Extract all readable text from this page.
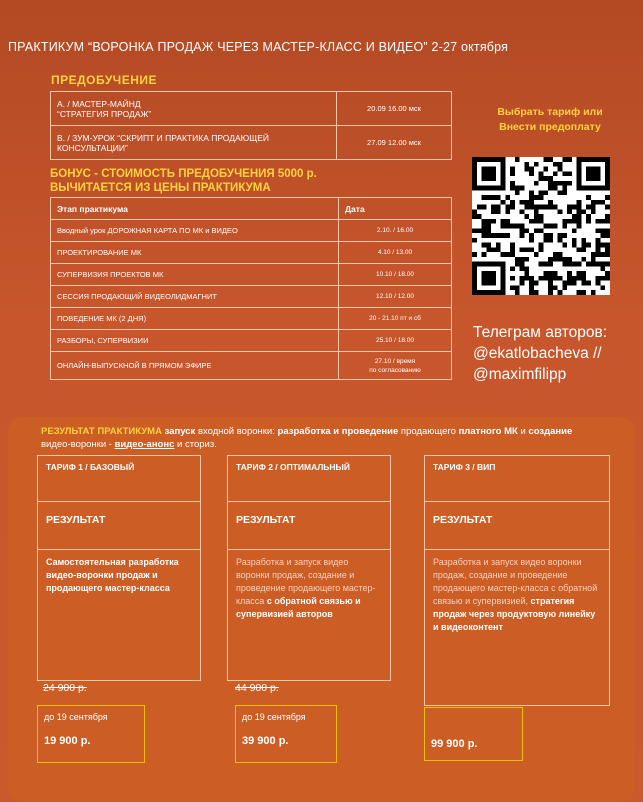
ПРАКТИКУМ “ВОРОНКА ПРОДАЖ ЧЕРЕЗ МАСТЕР-КЛАСС И ВИДЕО” 2-27 октября
ПРЕДОБУЧЕНИЕ
А. / МАСТЕР-МАЙНД
“СТРАТЕГИЯ ПРОДАЖ”	20.09 16.00 мск
В. / ЗУМ-УРОК “СКРИПТ И ПРАКТИКА ПРОДАЮЩЕЙ КОНСУЛЬТАЦИИ”	27.09 12.00 мск
БОНУС - СТОИМОСТЬ ПРЕДОБУЧЕНИЯ 5000 р.
ВЫЧИТАЕТСЯ ИЗ ЦЕНЫ ПРАКТИКУМА
Этап практикума	Дата
Вводный урок ДОРОЖНАЯ КАРТА ПО МК и ВИДЕО	2.10. / 16.00
ПРОЕКТИРОВАНИЕ МК	4.10 / 13.00
СУПЕРВИЗИЯ ПРОЕКТОВ МК	10.10 / 18.00
СЕССИЯ ПРОДАЮЩИЙ ВИДЕОЛИДМАГНИТ	12.10 / 12.00
ПОВЕДЕНИЕ МК (2 ДНЯ)	20 - 21.10 пт и сб
РАЗБОРЫ, СУПЕРВИЗИИ	25.10 / 18.00
ОНЛАЙН-ВЫПУСКНОЙ В ПРЯМОМ ЭФИРЕ	27.10 / время
по согласованию
Выбрать тариф или
Внести предоплату
Телеграм авторов:
@ekatlobacheva //
@maximfilipp
РЕЗУЛЬТАТ ПРАКТИКУМА запуск входной воронки: разработка и проведение продающего платного МК и создание видео-воронки - видео-анонс и сториз.
ТАРИФ 1 / БАЗОВЫЙ
РЕЗУЛЬТАТ
Самостоятельная разработка видео-воронки продаж и продающего мастер-класса
24 900 р.
до 19 сентября
19 900 р.
ТАРИФ 2 / ОПТИМАЛЬНЫЙ
РЕЗУЛЬТАТ
Разработка и запуск видео воронки продаж, создание и проведение продающего мастер-класса с обратной связью и супервизией авторов
44 900 р.
до 19 сентября
39 900 р.
ТАРИФ 3 / ВИП
РЕЗУЛЬТАТ
Разработка и запуск видео воронки продаж, создание и проведение продающего мастер-класса с обратной связью и супервизией, стратегия продаж через продуктовую линейку и видеоконтент
99 900 р.
